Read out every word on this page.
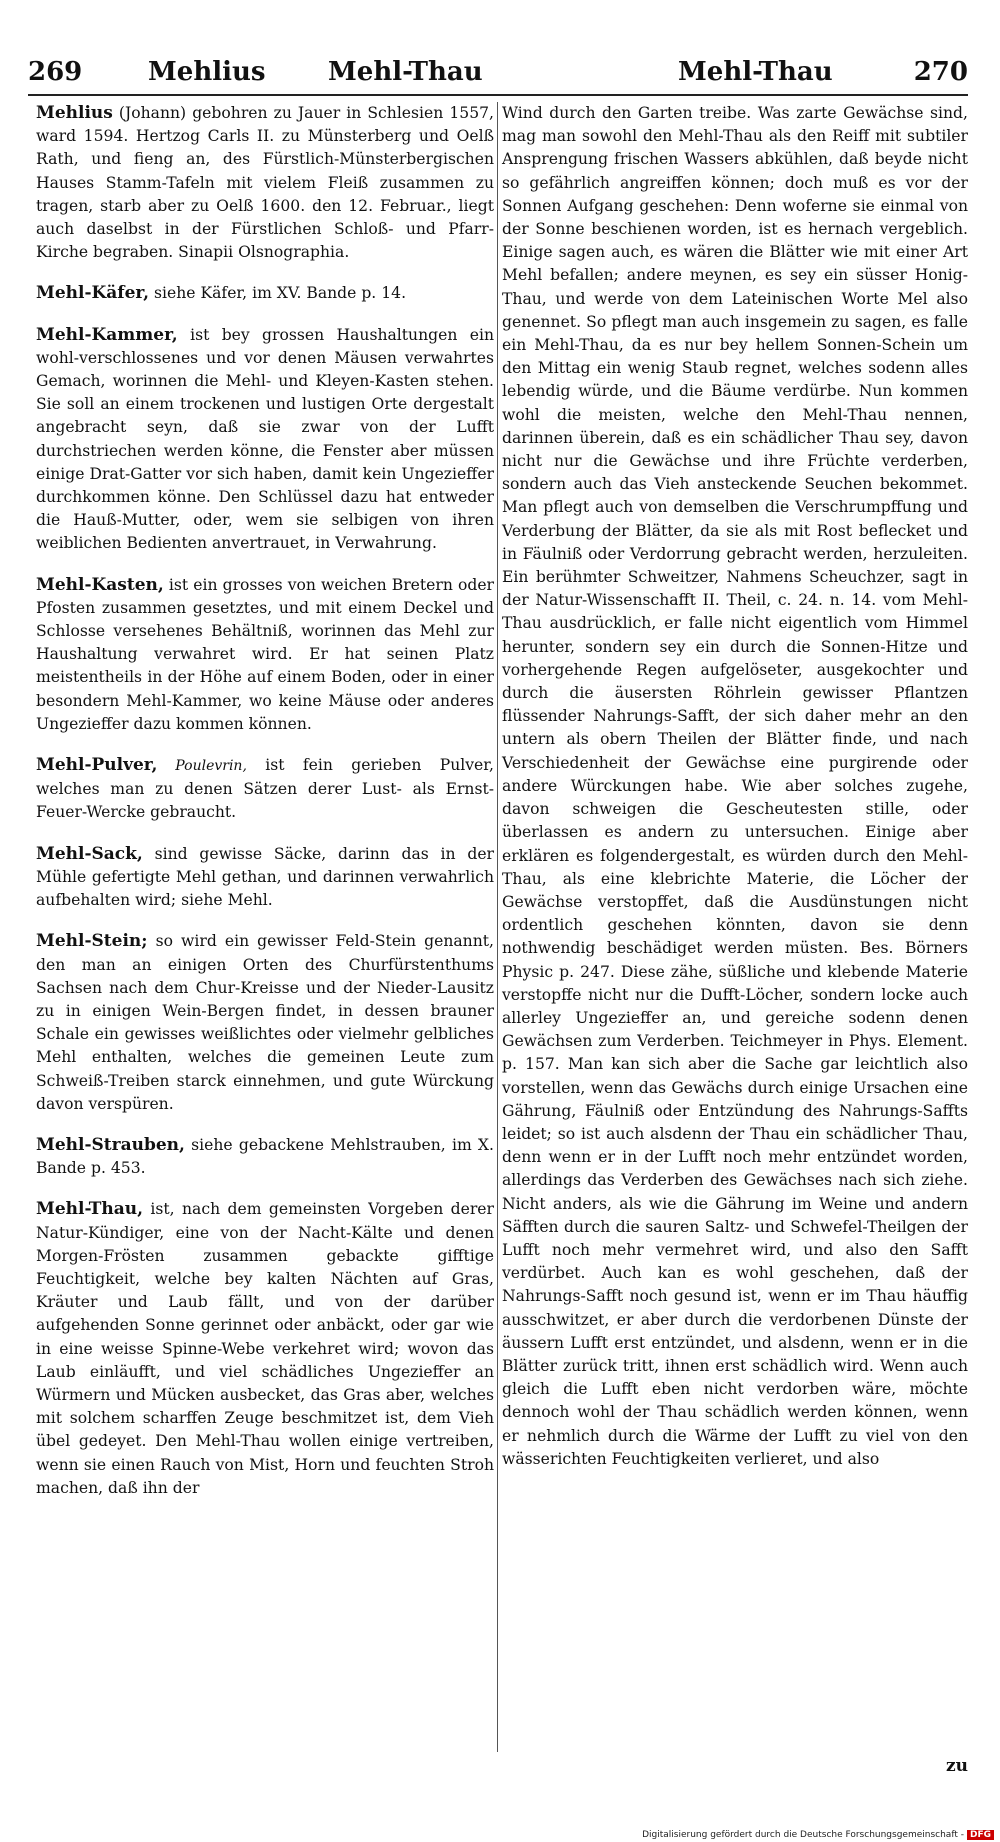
269	Mehlius Mehl-Thau	Mehl-Thau	270

Mehlius (Johann) gebohren zu Jauer in Schlesien 1557, ward 1594. Hertzog Carls II. zu Münsterberg und Oelß Rath, und fieng an, des Fürstlich-Münsterbergischen Hauses Stamm-Tafeln mit vielem Fleiß zusammen zu tragen, starb aber zu Oelß 1600. den 12. Februar., liegt auch daselbst in der Fürstlichen Schloß- und Pfarr-Kirche begraben. Sinapii Olsnographia.

Mehl-Käfer, siehe Käfer, im XV. Bande p. 14.

Mehl-Kammer, ist bey grossen Haushaltungen ein wohl-verschlossenes und vor denen Mäusen verwahrtes Gemach, worinnen die Mehl- und Kleyen-Kasten stehen. Sie soll an einem trockenen und lustigen Orte dergestalt angebracht seyn, daß sie zwar von der Lufft durchstriechen werden könne, die Fenster aber müssen einige Drat-Gatter vor sich haben, damit kein Ungezieffer durchkommen könne. Den Schlüssel dazu hat entweder die Hauß-Mutter, oder, wem sie selbigen von ihren weiblichen Bedienten anvertrauet, in Verwahrung.

Mehl-Kasten, ist ein grosses von weichen Bretern oder Pfosten zusammen gesetztes, und mit einem Deckel und Schlosse versehenes Behältniß, worinnen das Mehl zur Haushaltung verwahret wird. Er hat seinen Platz meistentheils in der Höhe auf einem Boden, oder in einer besondern Mehl-Kammer, wo keine Mäuse oder anderes Ungezieffer dazu kommen können.

Mehl-Pulver, Poulevrin, ist fein gerieben Pulver, welches man zu denen Sätzen derer Lust- als Ernst-Feuer-Wercke gebraucht.

Mehl-Sack, sind gewisse Säcke, darinn das in der Mühle gefertigte Mehl gethan, und darinnen verwahrlich aufbehalten wird; siehe Mehl.

Mehl-Stein; so wird ein gewisser Feld-Stein genannt, den man an einigen Orten des Churfürstenthums Sachsen nach dem Chur-Kreisse und der Nieder-Lausitz zu in einigen Wein-Bergen findet, in dessen brauner Schale ein gewisses weißlichtes oder vielmehr gelbliches Mehl enthalten, welches die gemeinen Leute zum Schweiß-Treiben starck einnehmen, und gute Würckung davon verspüren.

Mehl-Strauben, siehe gebackene Mehlstrauben, im X. Bande p. 453.

Mehl-Thau, ist, nach dem gemeinsten Vorgeben derer Natur-Kündiger, eine von der Nacht-Kälte und denen Morgen-Frösten zusammen gebackte gifftige Feuchtigkeit, welche bey kalten Nächten auf Gras, Kräuter und Laub fällt, und von der darüber aufgehenden Sonne gerinnet oder anbäckt, oder gar wie in eine weisse Spinne-Webe verkehret wird; wovon das Laub einläufft, und viel schädliches Ungezieffer an Würmern und Mücken ausbecket, das Gras aber, welches mit solchem scharffen Zeuge beschmitzet ist, dem Vieh übel gedeyet. Den Mehl-Thau wollen einige vertreiben, wenn sie einen Rauch von Mist, Horn und feuchten Stroh machen, daß ihn der

Wind durch den Garten treibe. Was zarte Gewächse sind, mag man sowohl den Mehl-Thau als den Reiff mit subtiler Ansprengung frischen Wassers abkühlen, daß beyde nicht so gefährlich angreiffen können; doch muß es vor der Sonnen Aufgang geschehen: Denn woferne sie einmal von der Sonne beschienen worden, ist es hernach vergeblich. Einige sagen auch, es wären die Blätter wie mit einer Art Mehl befallen; andere meynen, es sey ein süsser Honig-Thau, und werde von dem Lateinischen Worte Mel also genennet. So pflegt man auch insgemein zu sagen, es falle ein Mehl-Thau, da es nur bey hellem Sonnen-Schein um den Mittag ein wenig Staub regnet, welches sodenn alles lebendig würde, und die Bäume verdürbe. Nun kommen wohl die meisten, welche den Mehl-Thau nennen, darinnen überein, daß es ein schädlicher Thau sey, davon nicht nur die Gewächse und ihre Früchte verderben, sondern auch das Vieh ansteckende Seuchen bekommet. Man pflegt auch von demselben die Verschrumpffung und Verderbung der Blätter, da sie als mit Rost beflecket und in Fäulniß oder Verdorrung gebracht werden, herzuleiten. Ein berühmter Schweitzer, Nahmens Scheuchzer, sagt in der Natur-Wissenschafft II. Theil, c. 24. n. 14. vom Mehl-Thau ausdrücklich, er falle nicht eigentlich vom Himmel herunter, sondern sey ein durch die Sonnen-Hitze und vorhergehende Regen aufgelöseter, ausgekochter und durch die äusersten Röhrlein gewisser Pflantzen flüssender Nahrungs-Safft, der sich daher mehr an den untern als obern Theilen der Blätter finde, und nach Verschiedenheit der Gewächse eine purgirende oder andere Würckungen habe. Wie aber solches zugehe, davon schweigen die Gescheutesten stille, oder überlassen es andern zu untersuchen. Einige aber erklären es folgendergestalt, es würden durch den Mehl-Thau, als eine klebrichte Materie, die Löcher der Gewächse verstopffet, daß die Ausdünstungen nicht ordentlich geschehen könnten, davon sie denn nothwendig beschädiget werden müsten. Bes. Börners Physic p. 247. Diese zähe, süßliche und klebende Materie verstopffe nicht nur die Dufft-Löcher, sondern locke auch allerley Ungezieffer an, und gereiche sodenn denen Gewächsen zum Verderben. Teichmeyer in Phys. Element. p. 157. Man kan sich aber die Sache gar leichtlich also vorstellen, wenn das Gewächs durch einige Ursachen eine Gährung, Fäulniß oder Entzündung des Nahrungs-Saffts leidet; so ist auch alsdenn der Thau ein schädlicher Thau, denn wenn er in der Lufft noch mehr entzündet worden, allerdings das Verderben des Gewächses nach sich ziehe. Nicht anders, als wie die Gährung im Weine und andern Säfften durch die sauren Saltz- und Schwefel-Theilgen der Lufft noch mehr vermehret wird, und also den Safft verdürbet. Auch kan es wohl geschehen, daß der Nahrungs-Safft noch gesund ist, wenn er im Thau häuffig ausschwitzet, er aber durch die verdorbenen Dünste der äussern Lufft erst entzündet, und alsdenn, wenn er in die Blätter zurück tritt, ihnen erst schädlich wird. Wenn auch gleich die Lufft eben nicht verdorben wäre, möchte dennoch wohl der Thau schädlich werden können, wenn er nehmlich durch die Wärme der Lufft zu viel von den wässerichten Feuchtigkeiten verlieret, und also

zu
Digitalisierung gefördert durch die Deutsche Forschungsgemeinschaft - DFG
